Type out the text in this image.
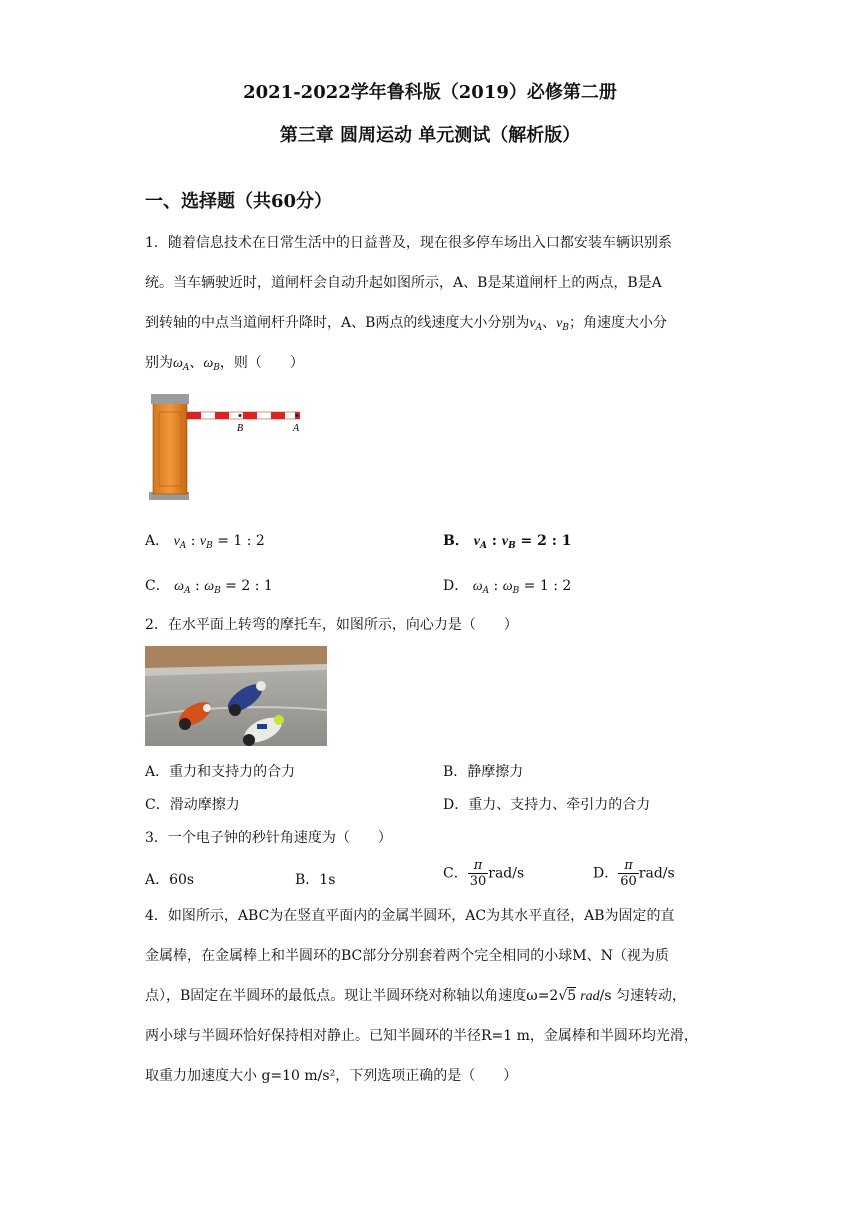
2021-2022学年鲁科版（2019）必修第二册
第三章 圆周运动 单元测试（解析版）
一、选择题（共60分）
1．随着信息技术在日常生活中的日益普及，现在很多停车场出入口都安装车辆识别系
统。当车辆驶近时，道闸杆会自动升起如图所示，A、B是某道闸杆上的两点，B是A
到转轴的中点当道闸杆升降时，A、B两点的线速度大小分别为$v_A$、$v_B$；角速度大小分
别为$\omega_A$、$\omega_B$，则（　　）
B	A
A． $v_A$ : $v_B = 1$ : 2	B． $v_A$ : $v_B = 2$ : 1
C． $\omega_A$ : $\omega_B = 2$ : 1	D． $\omega_A$ : $\omega_B = 1$ : 2
2．在水平面上转弯的摩托车，如图所示，向心力是（　　）
A．重力和支持力的合力	B．静摩擦力
C．滑动摩擦力	D．重力、支持力、牵引力的合力
3．一个电子钟的秒针角速度为（　　）
A．60s	B．1s	C． $\frac{\pi}{30} rad/s$	D． $\frac{\pi}{60} rad/s$
4．如图所示，ABC为在竖直平面内的金属半圆环，AC为其水平直径，AB为固定的直
金属棒，在金属棒上和半圆环的BC部分分别套着两个完全相同的小球M、N（视为质
点），B固定在半圆环的最低点。现让半圆环绕对称轴以角速度ω=2√5 rad/s 匀速转动，
两小球与半圆环恰好保持相对静止。已知半圆环的半径R=1 m，金属棒和半圆环均光滑，
取重力加速度大小 g=10 m/s²，下列选项正确的是（　　）
